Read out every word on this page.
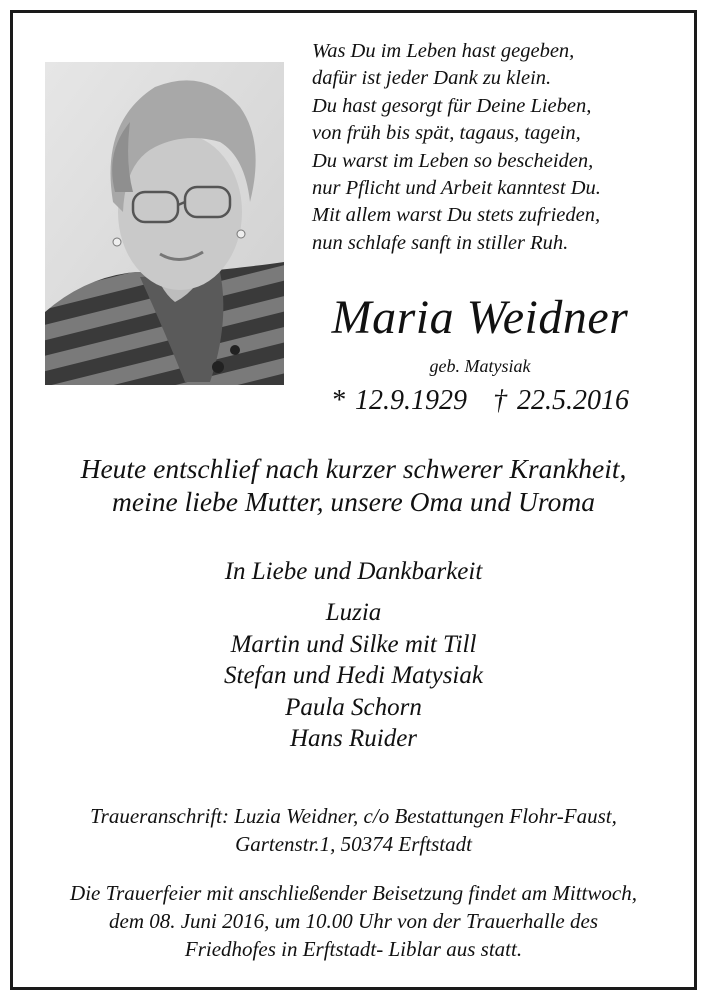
Was Du im Leben hast gegeben,
dafür ist jeder Dank zu klein.
Du hast gesorgt für Deine Lieben,
von früh bis spät, tagaus, tagein,
Du warst im Leben so bescheiden,
nur Pflicht und Arbeit kanntest Du.
Mit allem warst Du stets zufrieden,
nun schlafe sanft in stiller Ruh.
Maria Weidner
geb. Matysiak
* 12.9.1929 † 22.5.2016
Heute entschlief nach kurzer schwerer Krankheit,
meine liebe Mutter, unsere Oma und Uroma
In Liebe und Dankbarkeit
Luzia
Martin und Silke mit Till
Stefan und Hedi Matysiak
Paula Schorn
Hans Ruider
Traueranschrift: Luzia Weidner, c/o Bestattungen Flohr-Faust,
Gartenstr.1, 50374 Erftstadt
Die Trauerfeier mit anschließender Beisetzung findet am Mittwoch,
dem 08. Juni 2016, um 10.00 Uhr von der Trauerhalle des
Friedhofes in Erftstadt- Liblar aus statt.
